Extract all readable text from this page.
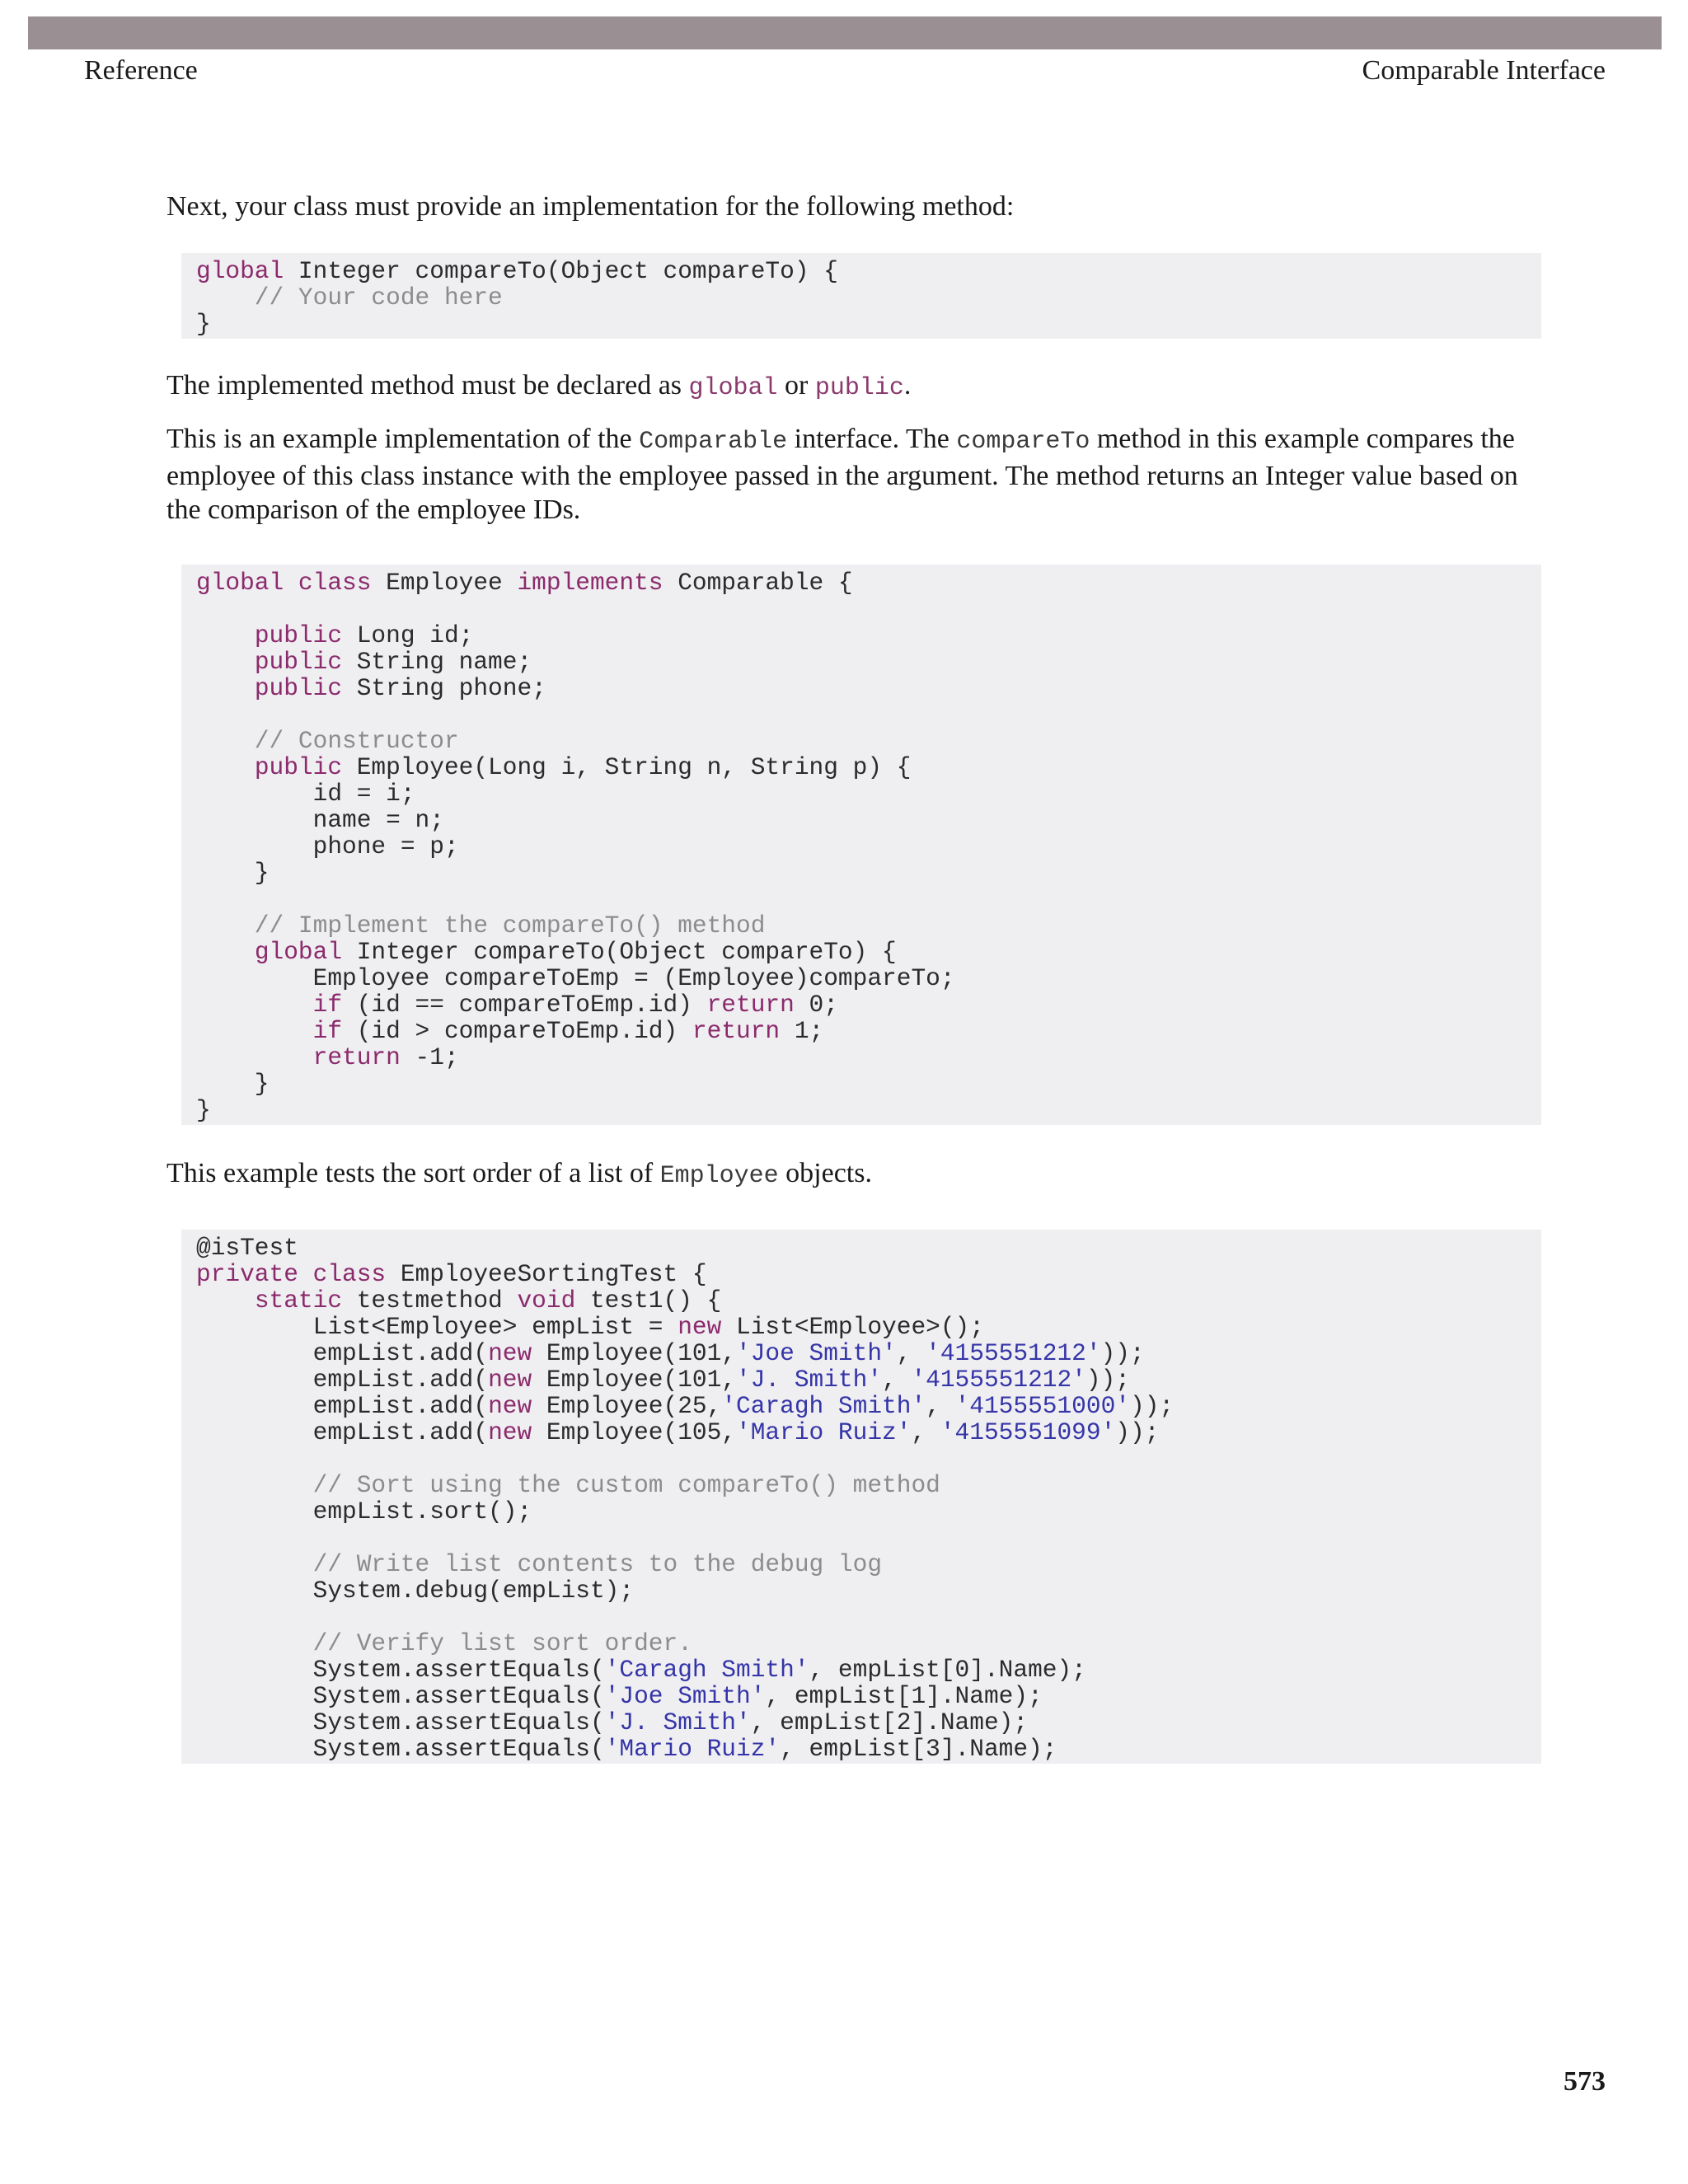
Reference	Comparable Interface

Next, your class must provide an implementation for the following method:

global Integer compareTo(Object compareTo) {
// Your code here
}

The implemented method must be declared as global or public.

This is an example implementation of the Comparable interface. The compareTo method in this example compares the employee of this class instance with the employee passed in the argument. The method returns an Integer value based on the comparison of the employee IDs.

global class Employee implements Comparable {

public Long id;
public String name;
public String phone;

// Constructor
public Employee(Long i, String n, String p) {
id = i;
name = n;
phone = p;
}

// Implement the compareTo() method
global Integer compareTo(Object compareTo) {
Employee compareToEmp = (Employee)compareTo;
if (id == compareToEmp.id) return 0;
if (id > compareToEmp.id) return 1;
return -1;
}
}

This example tests the sort order of a list of Employee objects.

@isTest
private class EmployeeSortingTest {
static testmethod void test1() {
List<Employee> empList = new List<Employee>();
empList.add(new Employee(101,'Joe Smith', '4155551212'));
empList.add(new Employee(101,'J. Smith', '4155551212'));
empList.add(new Employee(25,'Caragh Smith', '4155551000'));
empList.add(new Employee(105,'Mario Ruiz', '4155551099'));

// Sort using the custom compareTo() method
empList.sort();

// Write list contents to the debug log
System.debug(empList);

// Verify list sort order.
System.assertEquals('Caragh Smith', empList[0].Name);
System.assertEquals('Joe Smith', empList[1].Name);
System.assertEquals('J. Smith', empList[2].Name);
System.assertEquals('Mario Ruiz', empList[3].Name);
573
